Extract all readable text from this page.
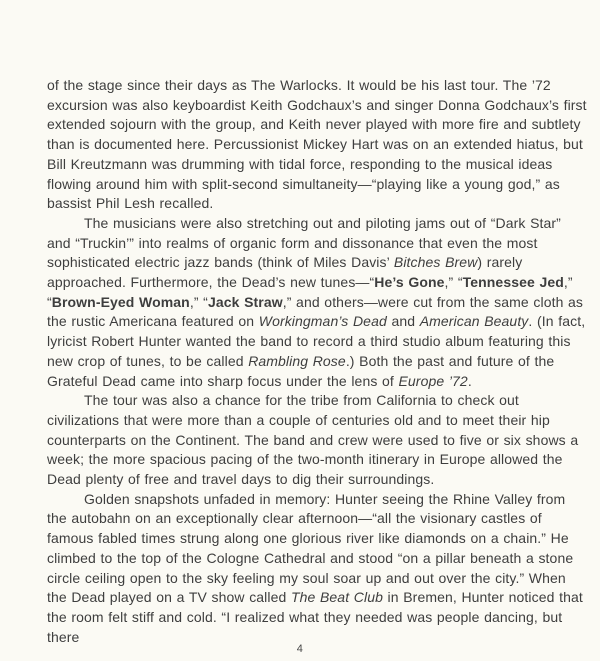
of the stage since their days as The Warlocks. It would be his last tour. The ’72 excursion was also keyboardist Keith Godchaux’s and singer Donna Godchaux’s first extended sojourn with the group, and Keith never played with more fire and subtlety than is documented here. Percussionist Mickey Hart was on an extended hiatus, but Bill Kreutzmann was drumming with tidal force, responding to the musical ideas flowing around him with split-second simultaneity—“playing like a young god,” as bassist Phil Lesh recalled.

The musicians were also stretching out and piloting jams out of “Dark Star” and “Truckin’” into realms of organic form and dissonance that even the most sophisticated electric jazz bands (think of Miles Davis’ Bitches Brew) rarely approached. Furthermore, the Dead’s new tunes—“He’s Gone,” “Tennessee Jed,” “Brown-Eyed Woman,” “Jack Straw,” and others—were cut from the same cloth as the rustic Americana featured on Workingman’s Dead and American Beauty. (In fact, lyricist Robert Hunter wanted the band to record a third studio album featuring this new crop of tunes, to be called Rambling Rose.) Both the past and future of the Grateful Dead came into sharp focus under the lens of Europe ’72.

The tour was also a chance for the tribe from California to check out civilizations that were more than a couple of centuries old and to meet their hip counterparts on the Continent. The band and crew were used to five or six shows a week; the more spacious pacing of the two-month itinerary in Europe allowed the Dead plenty of free and travel days to dig their surroundings.

Golden snapshots unfaded in memory: Hunter seeing the Rhine Valley from the autobahn on an exceptionally clear afternoon—“all the visionary castles of famous fabled times strung along one glorious river like diamonds on a chain.” He climbed to the top of the Cologne Cathedral and stood “on a pillar beneath a stone circle ceiling open to the sky feeling my soul soar up and out over the city.” When the Dead played on a TV show called The Beat Club in Bremen, Hunter noticed that the room felt stiff and cold. “I realized what they needed was people dancing, but there

4
